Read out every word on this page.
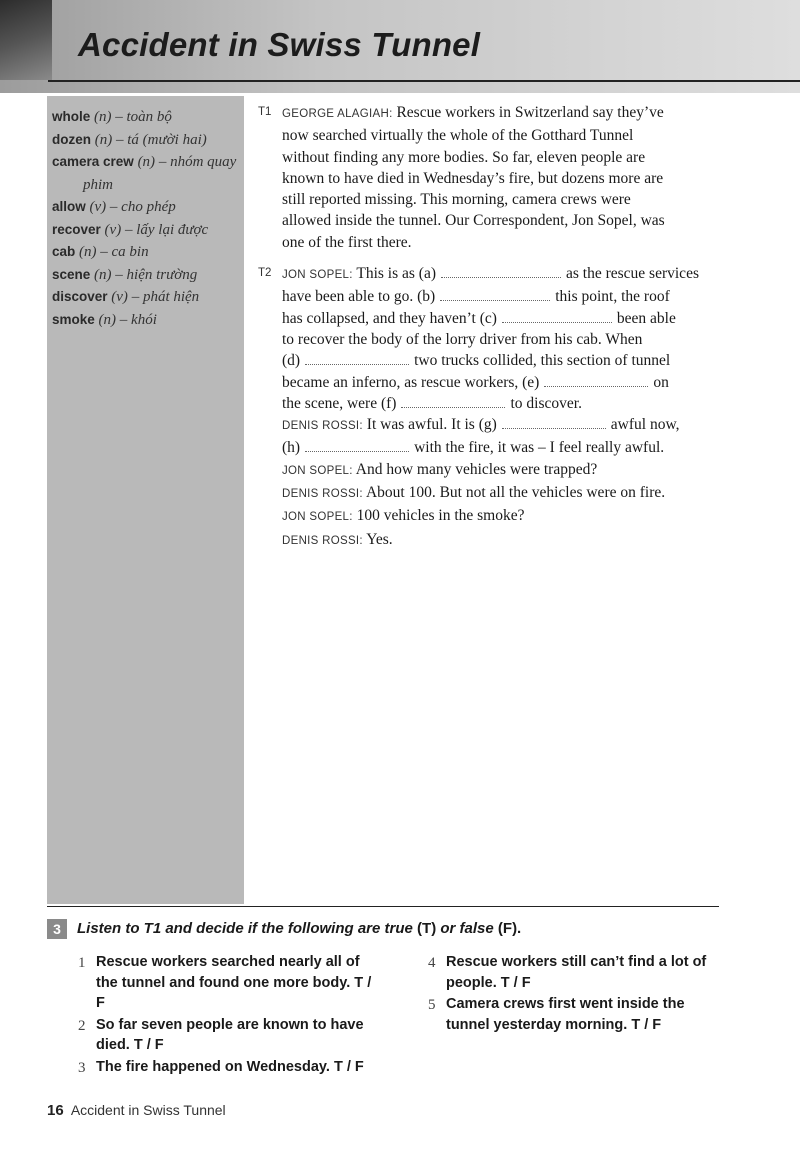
Accident in Swiss Tunnel
whole (n) – toàn bộ
dozen (n) – tá (mười hai)
camera crew (n) – nhóm quay
phim
allow (v) – cho phép
recover (v) – lấy lại được
cab (n) – ca bin
scene (n) – hiện trường
discover (v) – phát hiện
smoke (n) – khói
T1 GEORGE ALAGIAH: Rescue workers in Switzerland say they’ve
now searched virtually the whole of the Gotthard Tunnel
without finding any more bodies. So far, eleven people are
known to have died in Wednesday’s fire, but dozens more are
still reported missing. This morning, camera crews were
allowed inside the tunnel. Our Correspondent, Jon Sopel, was
one of the first there.
T2 JON SOPEL: This is as (a)	as the rescue services
have been able to go. (b)	this point, the roof
has collapsed, and they haven’t (c)	been able
to recover the body of the lorry driver from his cab. When
(d)	two trucks collided, this section of tunnel
became an inferno, as rescue workers, (e)	on
the scene, were (f)	to discover.
DENIS ROSSI: It was awful. It is (g)	awful now,
(h)	with the fire, it was – I feel really awful.
JON SOPEL: And how many vehicles were trapped?
DENIS ROSSI: About 100. But not all the vehicles were on fire.
JON SOPEL: 100 vehicles in the smoke?
DENIS ROSSI: Yes.
3	Listen to T1 and decide if the following are true (T) or false (F).

1 Rescue workers searched nearly all of the tunnel and found one more body. T / F
2 So far seven people are known to have died. T / F
3 The fire happened on Wednesday. T / F
4 Rescue workers still can’t find a lot of people. T / F
5 Camera crews first went inside the tunnel yesterday morning. T / F
16 Accident in Swiss Tunnel
